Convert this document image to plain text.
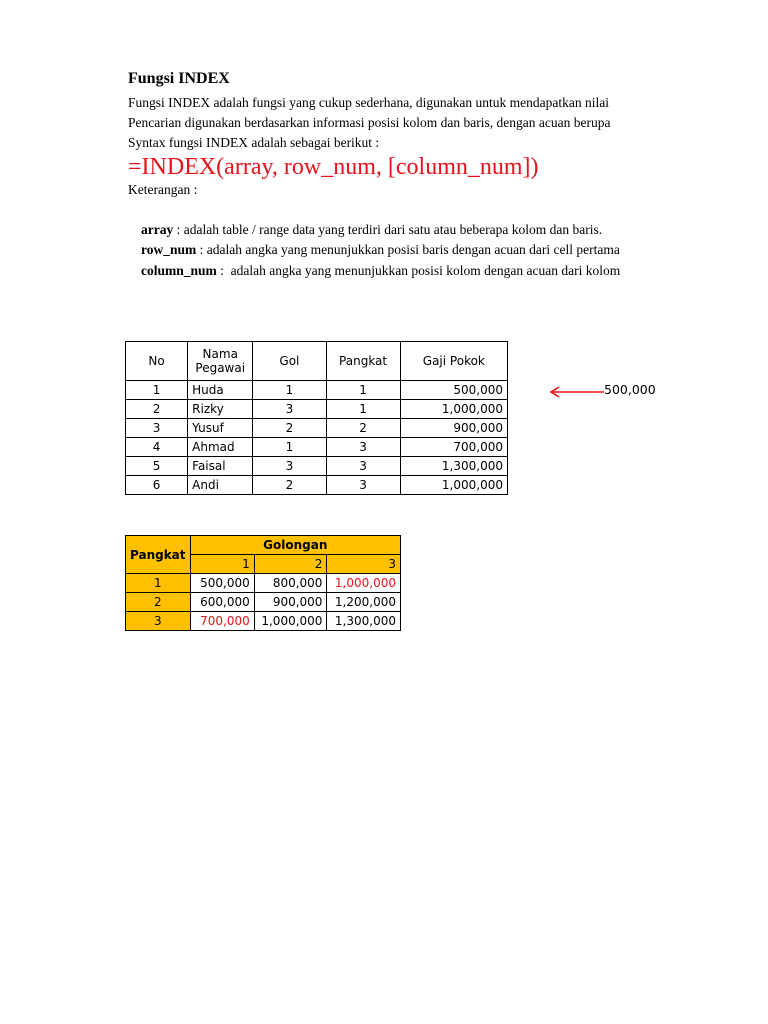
Fungsi INDEX
Fungsi INDEX adalah fungsi yang cukup sederhana, digunakan untuk mendapatkan nilai
Pencarian digunakan berdasarkan informasi posisi kolom dan baris, dengan acuan berupa
Syntax fungsi INDEX adalah sebagai berikut :
=INDEX(array, row_num, [column_num])
Keterangan :
array : adalah table / range data yang terdiri dari satu atau beberapa kolom dan baris.
row_num : adalah angka yang menunjukkan posisi baris dengan acuan dari cell pertama
column_num :  adalah angka yang menunjukkan posisi kolom dengan acuan dari kolom
No	Nama Pegawai	Gol	Pangkat	Gaji Pokok
1	Huda	1	1	500,000
2	Rizky	3	1	1,000,000
3	Yusuf	2	2	900,000
4	Ahmad	1	3	700,000
5	Faisal	3	3	1,300,000
6	Andi	2	3	1,000,000
500,000
Pangkat	Golongan		
	1	2	3
1	500,000	800,000	1,000,000
2	600,000	900,000	1,200,000
3	700,000	1,000,000	1,300,000
